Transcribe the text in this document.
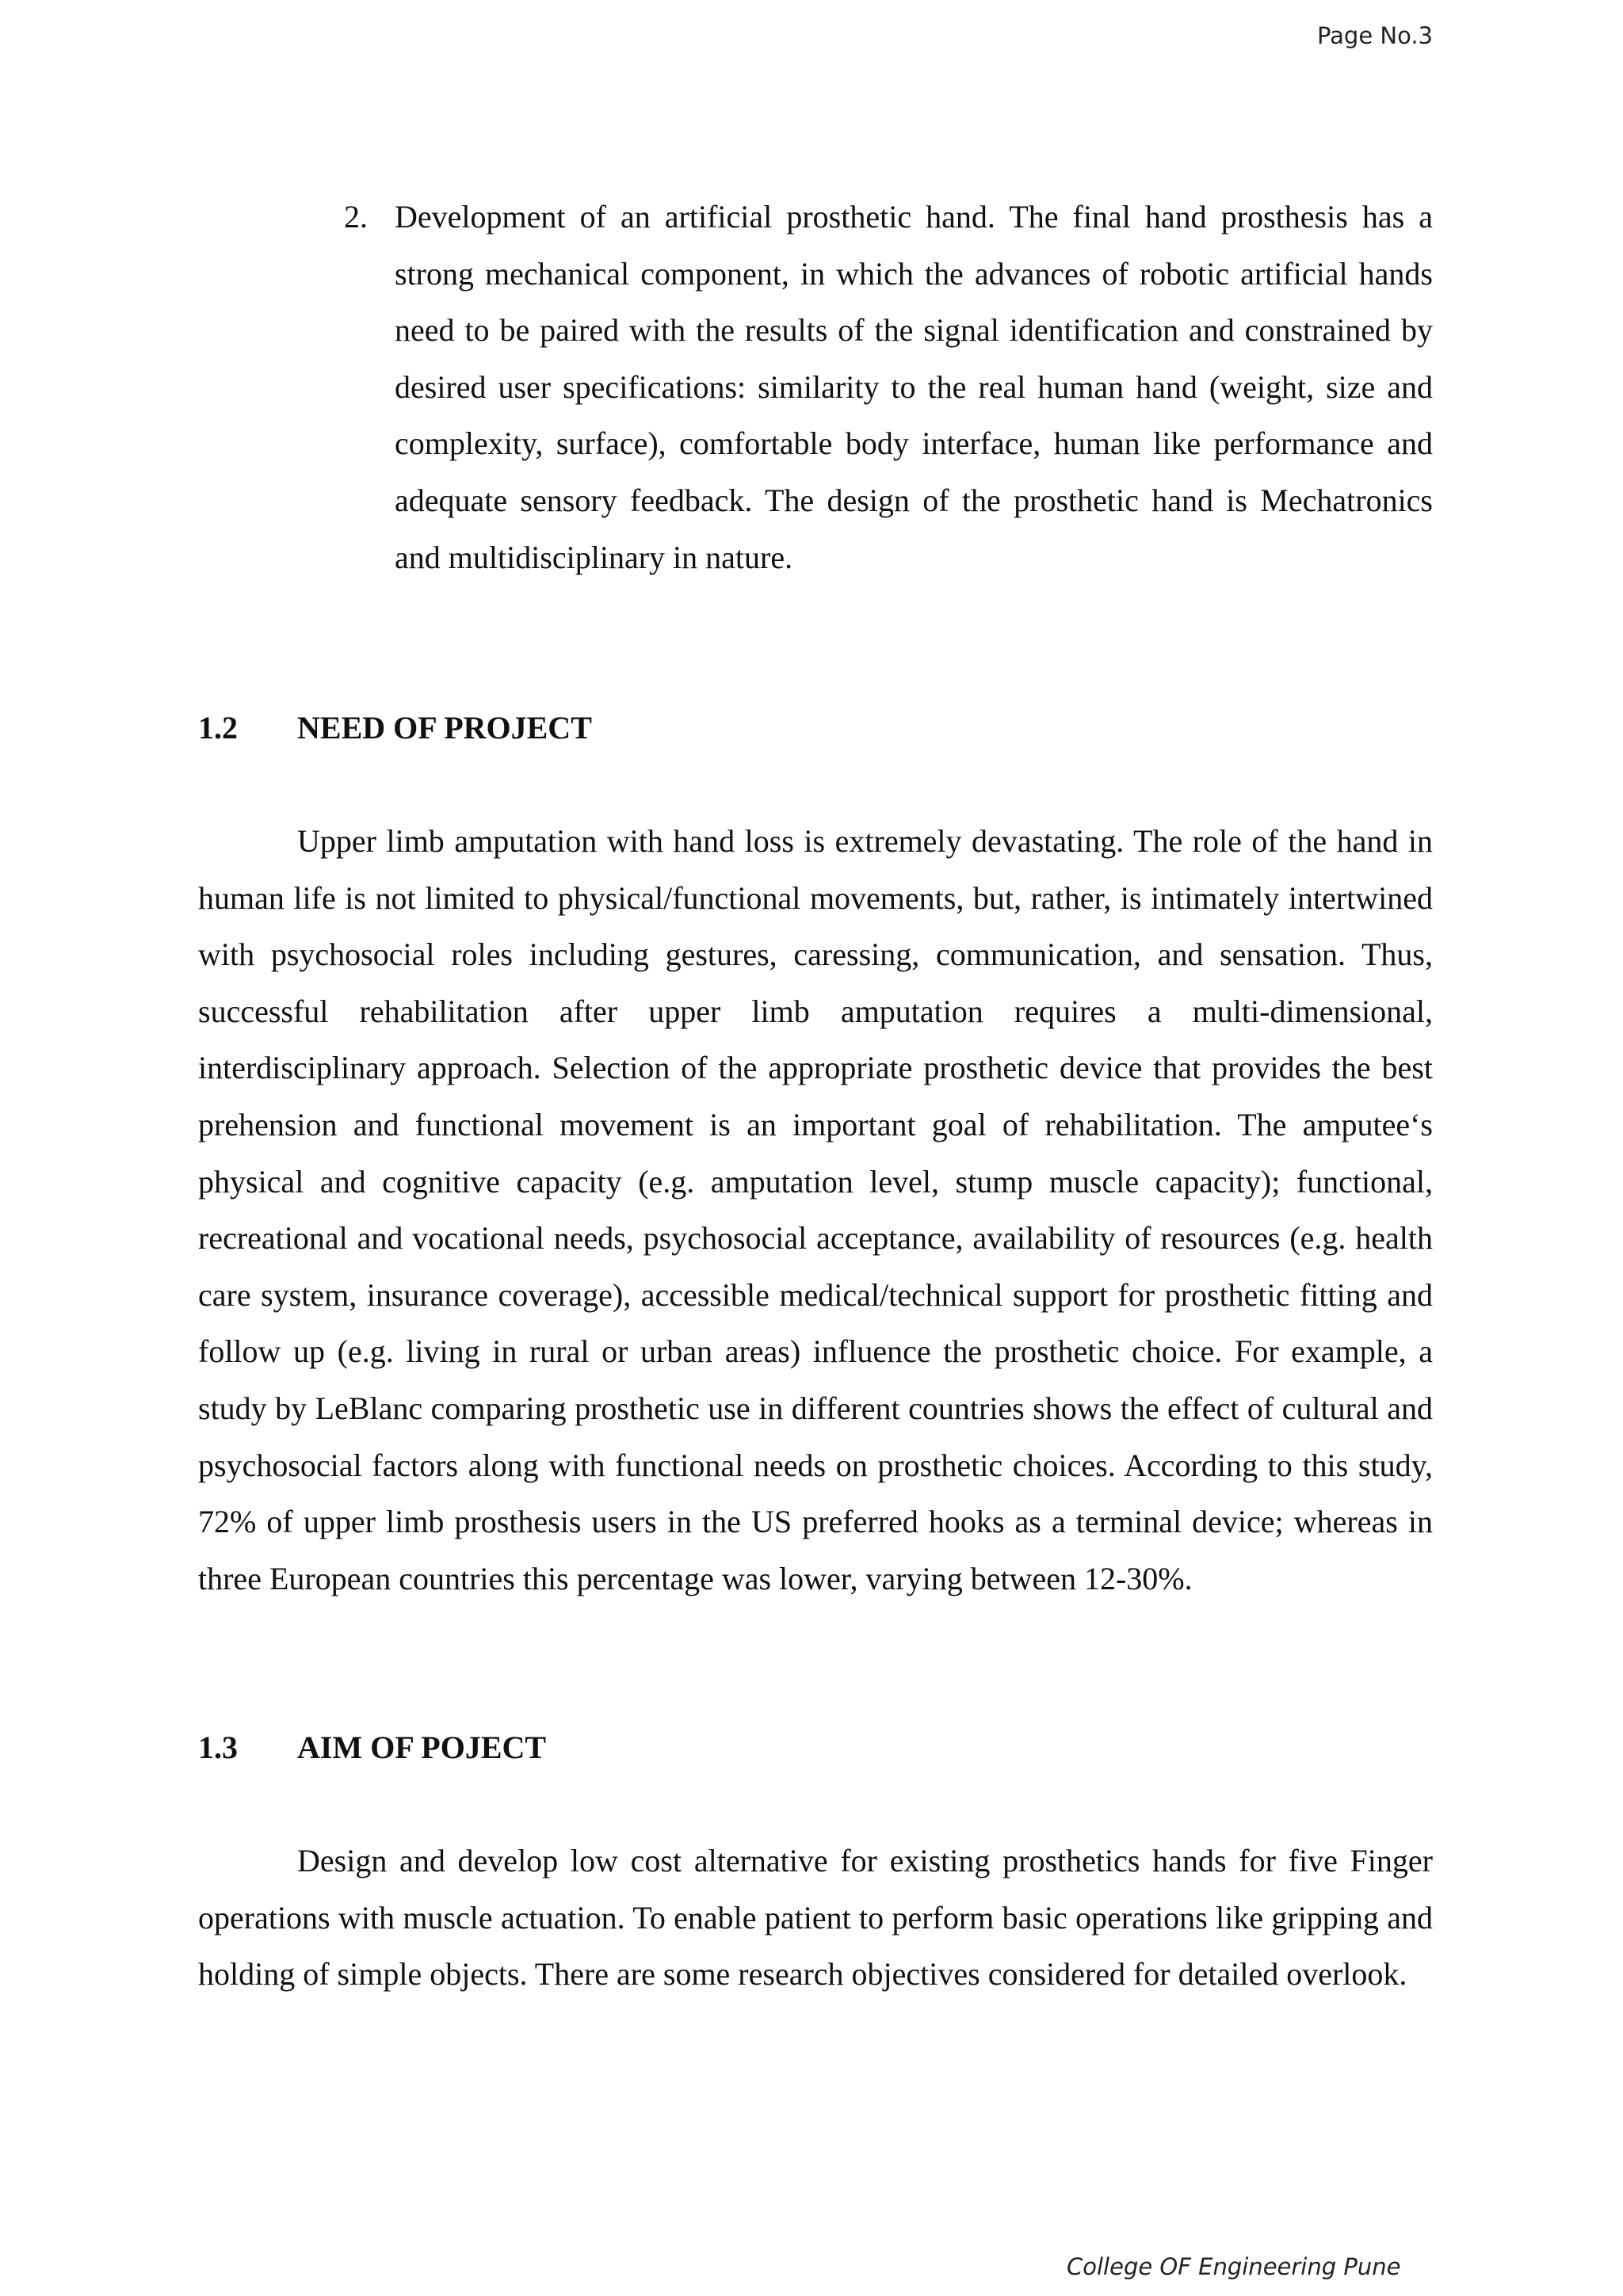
Page No.3
2. Development of an artificial prosthetic hand. The final hand prosthesis has a strong mechanical component, in which the advances of robotic artificial hands need to be paired with the results of the signal identification and constrained by desired user specifications: similarity to the real human hand (weight, size and complexity, surface), comfortable body interface, human like performance and adequate sensory feedback. The design of the prosthetic hand is Mechatronics and multidisciplinary in nature.
1.2	NEED OF PROJECT

Upper limb amputation with hand loss is extremely devastating. The role of the hand in human life is not limited to physical/functional movements, but, rather, is intimately intertwined with psychosocial roles including gestures, caressing, communication, and sensation. Thus, successful rehabilitation after upper limb amputation requires a multi-dimensional, interdisciplinary approach. Selection of the appropriate prosthetic device that provides the best prehension and functional movement is an important goal of rehabilitation. The amputee‘s physical and cognitive capacity (e.g. amputation level, stump muscle capacity); functional, recreational and vocational needs, psychosocial acceptance, availability of resources (e.g. health care system, insurance coverage), accessible medical/technical support for prosthetic fitting and follow up (e.g. living in rural or urban areas) influence the prosthetic choice. For example, a study by LeBlanc comparing prosthetic use in different countries shows the effect of cultural and psychosocial factors along with functional needs on prosthetic choices. According to this study, 72% of upper limb prosthesis users in the US preferred hooks as a terminal device; whereas in three European countries this percentage was lower, varying between 12-30%.

1.3	AIM OF POJECT

Design and develop low cost alternative for existing prosthetics hands for five Finger operations with muscle actuation. To enable patient to perform basic operations like gripping and holding of simple objects. There are some research objectives considered for detailed overlook.

College OF Engineering Pune
